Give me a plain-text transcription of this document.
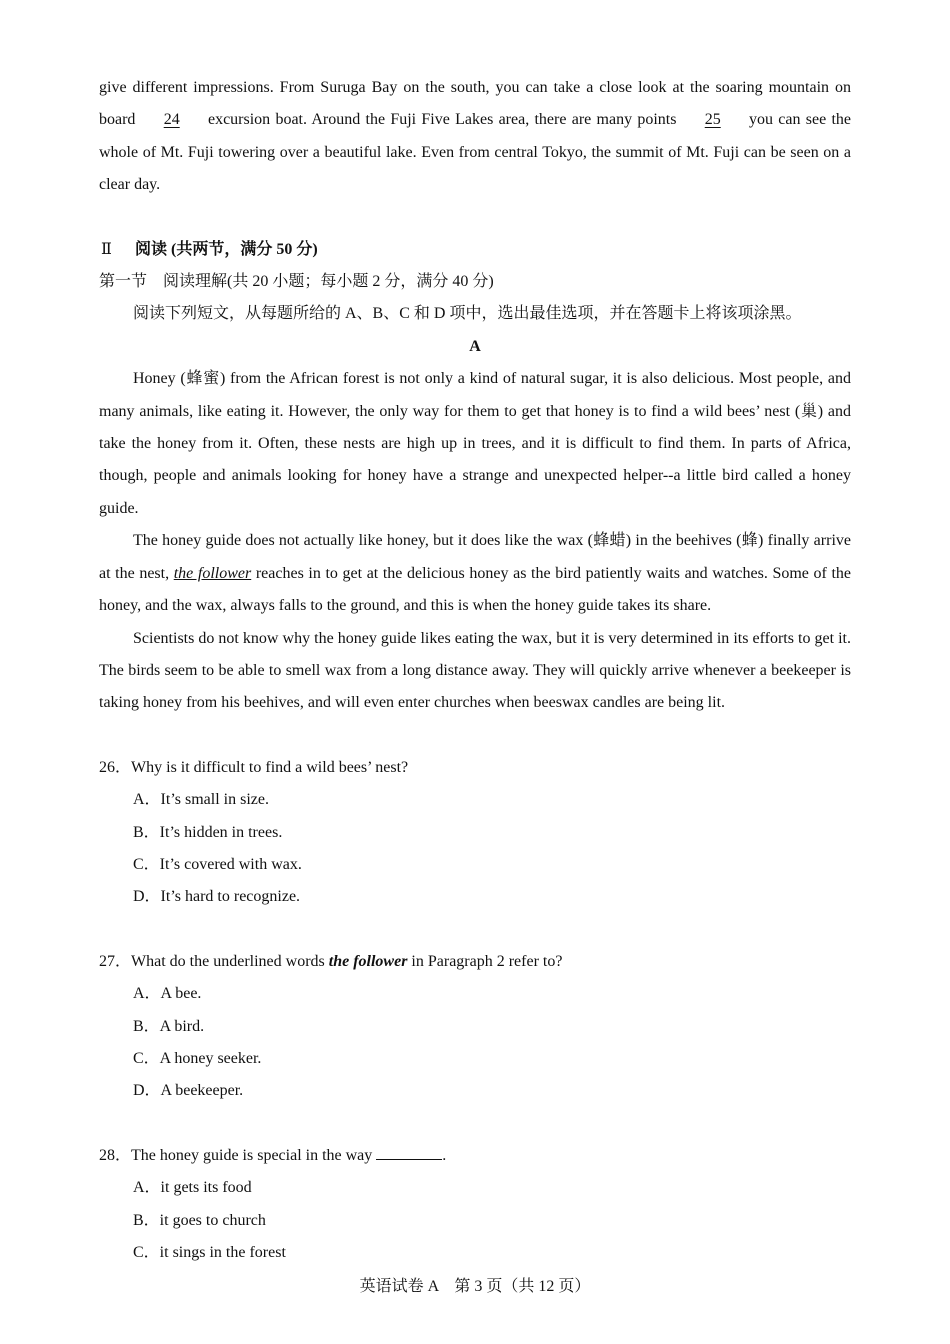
give different impressions. From Suruga Bay on the south, you can take a close look at the soaring mountain on board 24 excursion boat. Around the Fuji Five Lakes area, there are many points 25 you can see the whole of Mt. Fuji towering over a beautiful lake. Even from central Tokyo, the summit of Mt. Fuji can be seen on a clear day.

Ⅱ 阅读 (共两节，满分 50 分)

第一节　阅读理解(共 20 小题；每小题 2 分，满分 40 分)

阅读下列短文，从每题所给的 A、B、C 和 D 项中，选出最佳选项，并在答题卡上将该项涂黑。

A

Honey (蜂蜜) from the African forest is not only a kind of natural sugar, it is also delicious. Most people, and many animals, like eating it. However, the only way for them to get that honey is to find a wild bees’ nest (巢) and take the honey from it. Often, these nests are high up in trees, and it is difficult to find them. In parts of Africa, though, people and animals looking for honey have a strange and unexpected helper--a little bird called a honey guide.

The honey guide does not actually like honey, but it does like the wax (蜂蜡) in the beehives (蜂) finally arrive at the nest, the follower reaches in to get at the delicious honey as the bird patiently waits and watches. Some of the honey, and the wax, always falls to the ground, and this is when the honey guide takes its share.

Scientists do not know why the honey guide likes eating the wax, but it is very determined in its efforts to get it. The birds seem to be able to smell wax from a long distance away. They will quickly arrive whenever a beekeeper is taking honey from his beehives, and will even enter churches when beeswax candles are being lit.

26．Why is it difficult to find a wild bees’ nest?

A．It’s small in size.

B．It’s hidden in trees.

C．It’s covered with wax.

D．It’s hard to recognize.

27．What do the underlined words the follower in Paragraph 2 refer to?

A．A bee.

B．A bird.

C．A honey seeker.

D．A beekeeper.

28．The honey guide is special in the way	.

A．it gets its food

B．it goes to church

C．it sings in the forest

英语试卷 A　第 3 页（共 12 页）
